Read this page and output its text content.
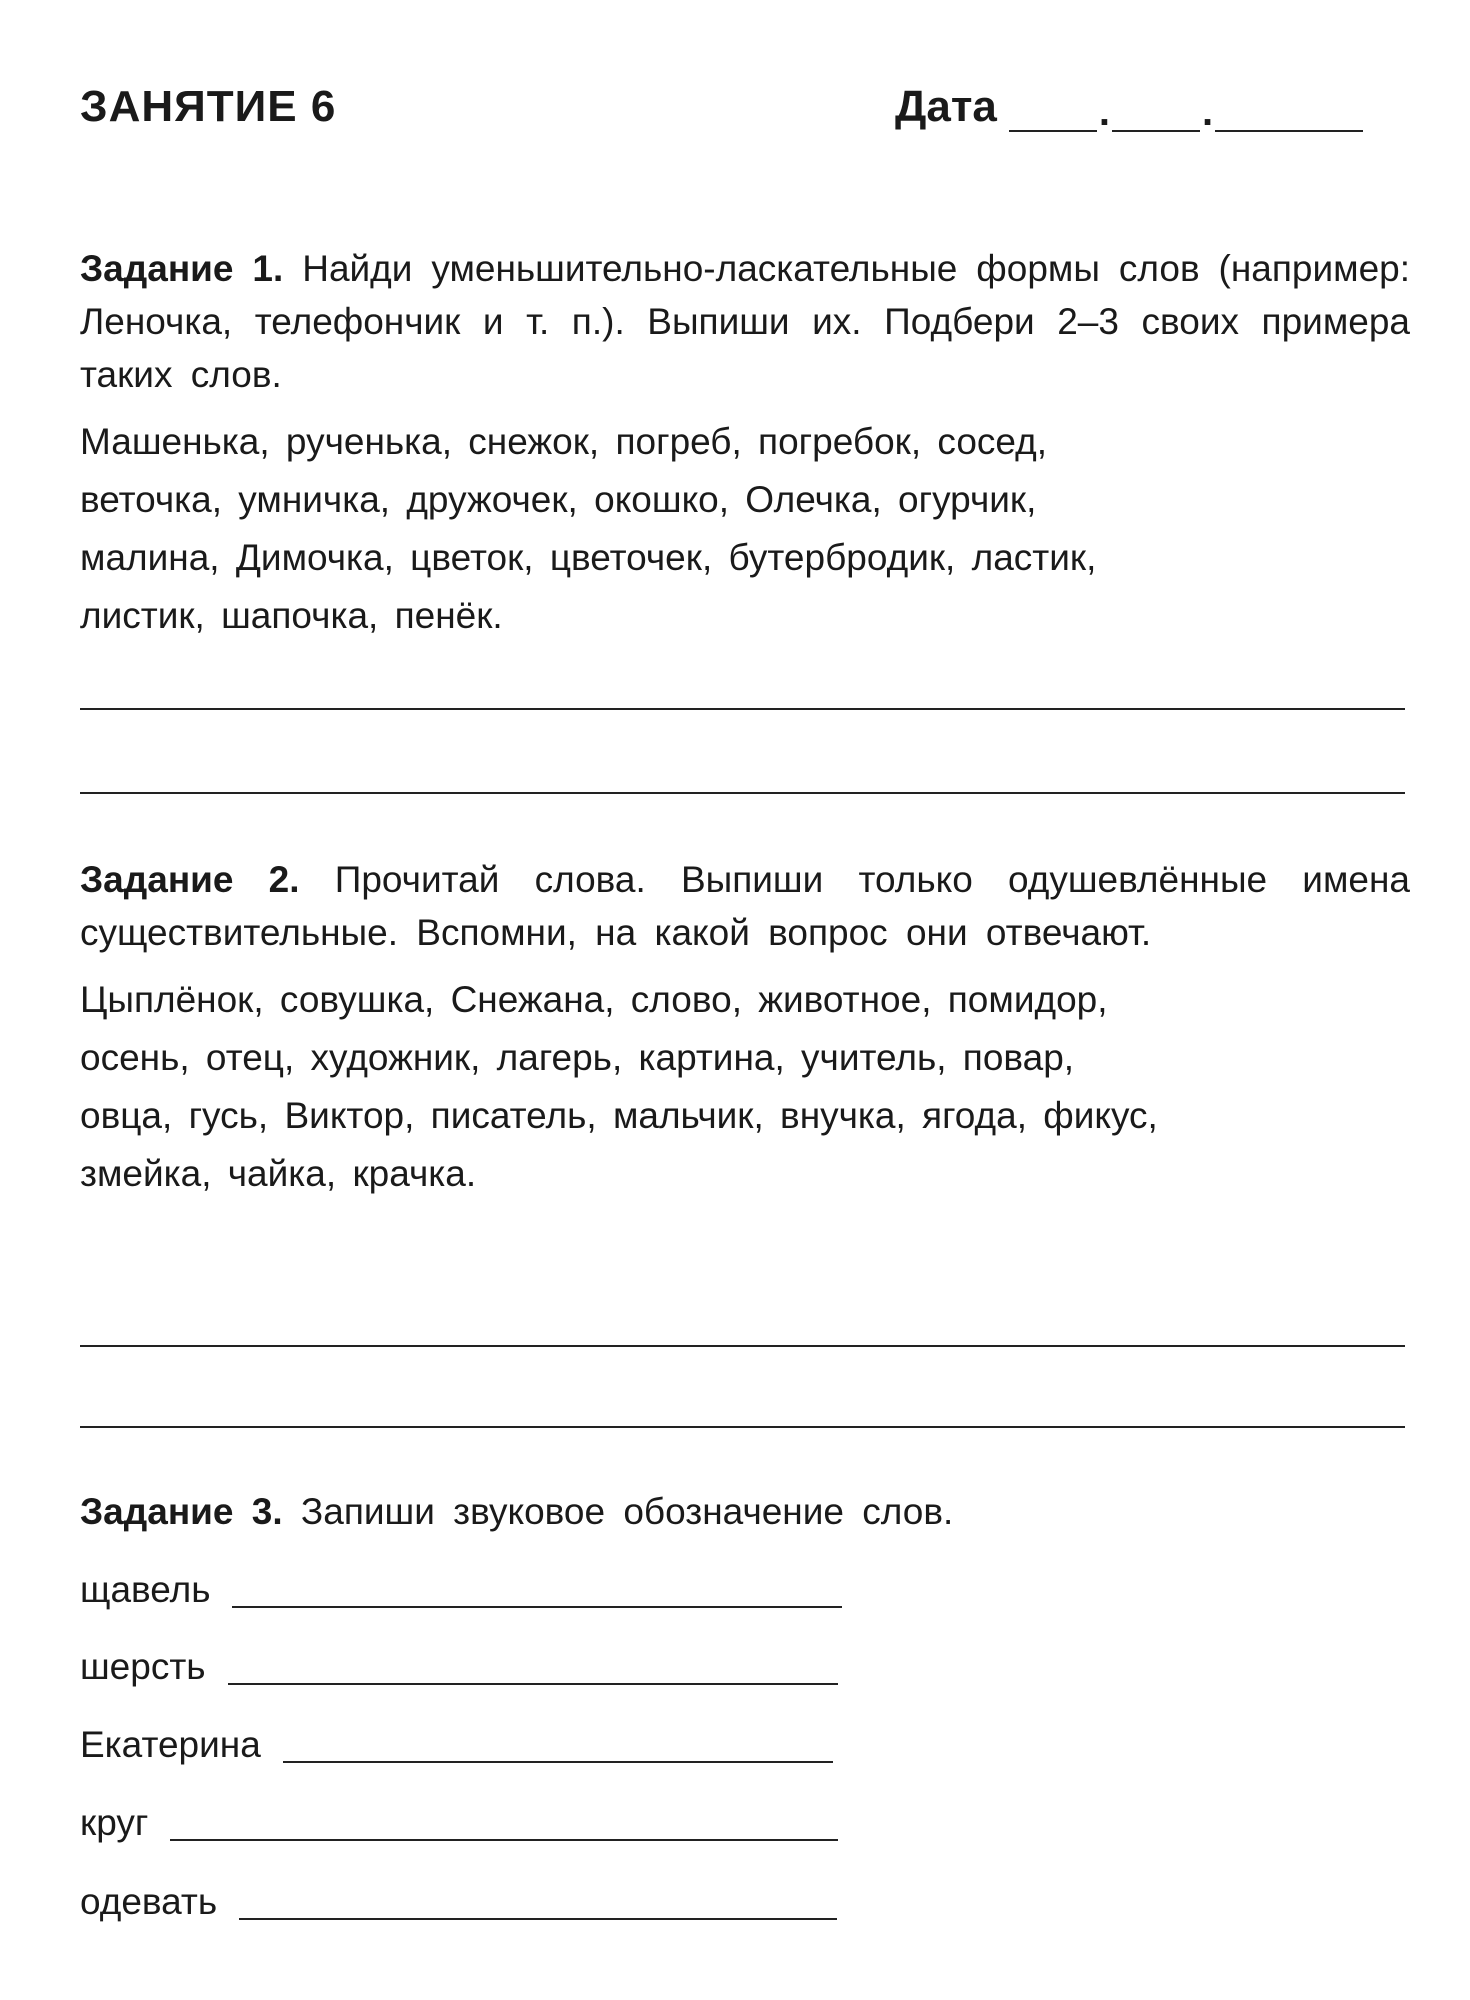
ЗАНЯТИЕ 6	Дата	. .

Задание 1. Найди уменьшительно-ласкательные формы слов (например: Леночка, телефончик и т. п.). Выпиши их. Подбери 2–3 своих примера таких слов.

Машенька, рученька, снежок, погреб, погребок, сосед,
веточка, умничка, дружочек, окошко, Олечка, огурчик,
малина, Димочка, цветок, цветочек, бутербродик, ластик,
листик, шапочка, пенёк.

Задание 2. Прочитай слова. Выпиши только одушевлённые имена существительные. Вспомни, на какой вопрос они отвечают.

Цыплёнок, совушка, Снежана, слово, животное, помидор,
осень, отец, художник, лагерь, картина, учитель, повар,
овца, гусь, Виктор, писатель, мальчик, внучка, ягода, фикус,
змейка, чайка, крачка.

Задание 3. Запиши звуковое обозначение слов.

щавель
шерсть
Екатерина
круг
одевать
